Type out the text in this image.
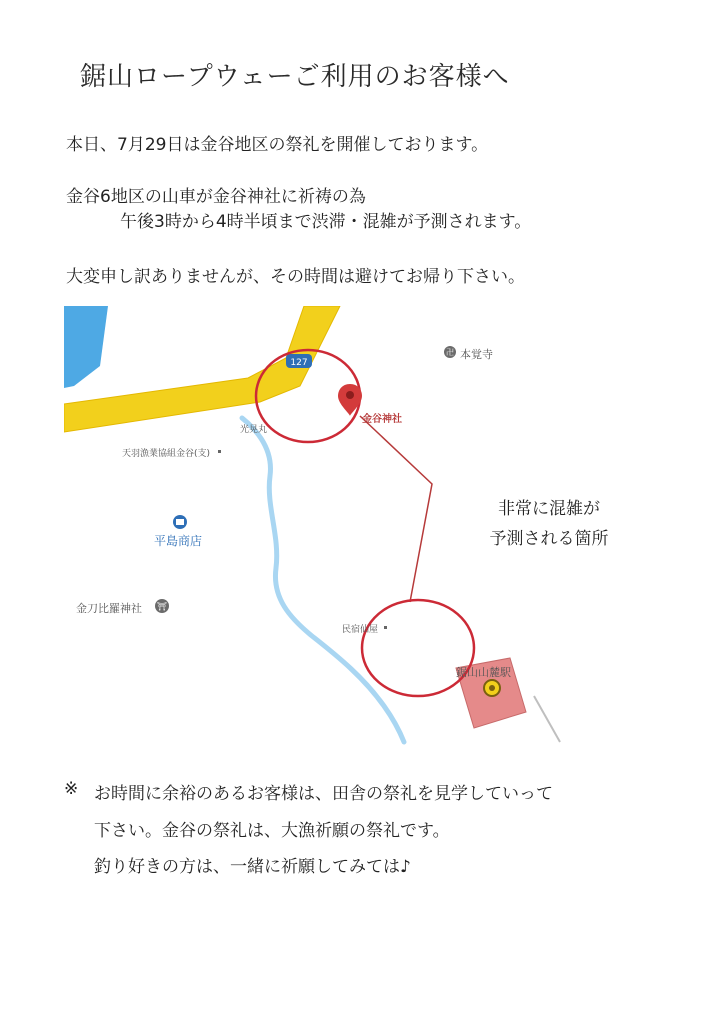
鋸山ロープウェーご利用のお客様へ
本日、7月29日は金谷地区の祭礼を開催しております。
金谷6地区の山車が金谷神社に祈祷の為
午後3時から4時半頃まで渋滞・混雑が予測されます。
大変申し訳ありませんが、その時間は避けてお帰り下さい。
127
卍
⛩
金谷神社
本覚寺
光晃丸
天羽漁業協組金谷(支)
平島商店
金刀比羅神社
民宿仙屋
鋸山山麓駅
非常に混雑が
予測される箇所
※ お時間に余裕のあるお客様は、田舎の祭礼を見学していって
下さい。金谷の祭礼は、大漁祈願の祭礼です。
釣り好きの方は、一緒に祈願してみては♪
